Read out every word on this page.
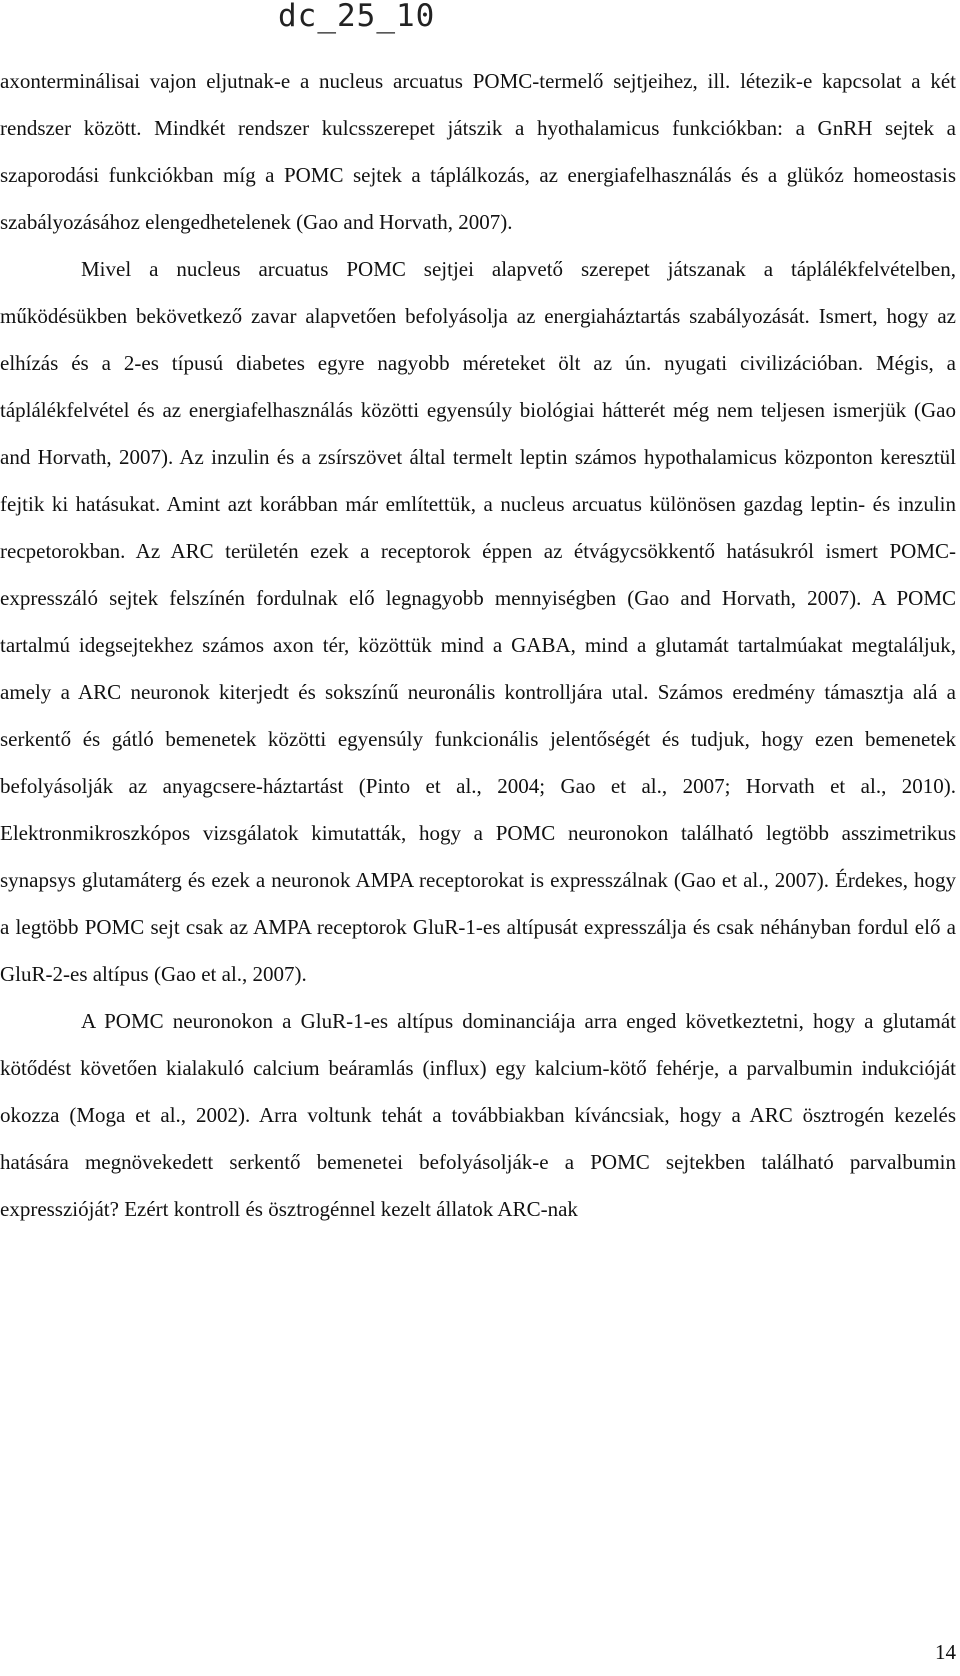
dc_25_10

axonterminálisai vajon eljutnak-e a nucleus arcuatus POMC-termelő sejtjeihez, ill. létezik-e kapcsolat a két rendszer között. Mindkét rendszer kulcsszerepet játszik a hyothalamicus funkciókban: a GnRH sejtek a szaporodási funkciókban míg a POMC sejtek a táplálkozás, az energiafelhasználás és a glükóz homeostasis szabályozásához elengedhetelenek (Gao and Horvath, 2007).

Mivel a nucleus arcuatus POMC sejtjei alapvető szerepet játszanak a táplálékfelvételben, működésükben bekövetkező zavar alapvetően befolyásolja az energiaháztartás szabályozását. Ismert, hogy az elhízás és a 2-es típusú diabetes egyre nagyobb méreteket ölt az ún. nyugati civilizációban. Mégis, a táplálékfelvétel és az energiafelhasználás közötti egyensúly biológiai hátterét még nem teljesen ismerjük (Gao and Horvath, 2007). Az inzulin és a zsírszövet által termelt leptin számos hypothalamicus központon keresztül fejtik ki hatásukat. Amint azt korábban már említettük, a nucleus arcuatus különösen gazdag leptin- és inzulin recpetorokban. Az ARC területén ezek a receptorok éppen az étvágycsökkentő hatásukról ismert POMC-expresszáló sejtek felszínén fordulnak elő legnagyobb mennyiségben (Gao and Horvath, 2007). A POMC tartalmú idegsejtekhez számos axon tér, közöttük mind a GABA, mind a glutamát tartalmúakat megtaláljuk, amely a ARC neuronok kiterjedt és sokszínű neuronális kontrolljára utal. Számos eredmény támasztja alá a serkentő és gátló bemenetek közötti egyensúly funkcionális jelentőségét és tudjuk, hogy ezen bemenetek befolyásolják az anyagcsere-háztartást (Pinto et al., 2004; Gao et al., 2007; Horvath et al., 2010). Elektronmikroszkópos vizsgálatok kimutatták, hogy a POMC neuronokon található legtöbb asszimetrikus synapsys glutamáterg és ezek a neuronok AMPA receptorokat is expresszálnak (Gao et al., 2007). Érdekes, hogy a legtöbb POMC sejt csak az AMPA receptorok GluR-1-es altípusát expresszálja és csak néhányban fordul elő a GluR-2-es altípus (Gao et al., 2007).

A POMC neuronokon a GluR-1-es altípus dominanciája arra enged következtetni, hogy a glutamát kötődést követően kialakuló calcium beáramlás (influx) egy kalcium-kötő fehérje, a parvalbumin indukcióját okozza (Moga et al., 2002). Arra voltunk tehát a továbbiakban kíváncsiak, hogy a ARC ösztrogén kezelés hatására megnövekedett serkentő bemenetei befolyásolják-e a POMC sejtekben található parvalbumin expresszióját? Ezért kontroll és ösztrogénnel kezelt állatok ARC-nak

14
